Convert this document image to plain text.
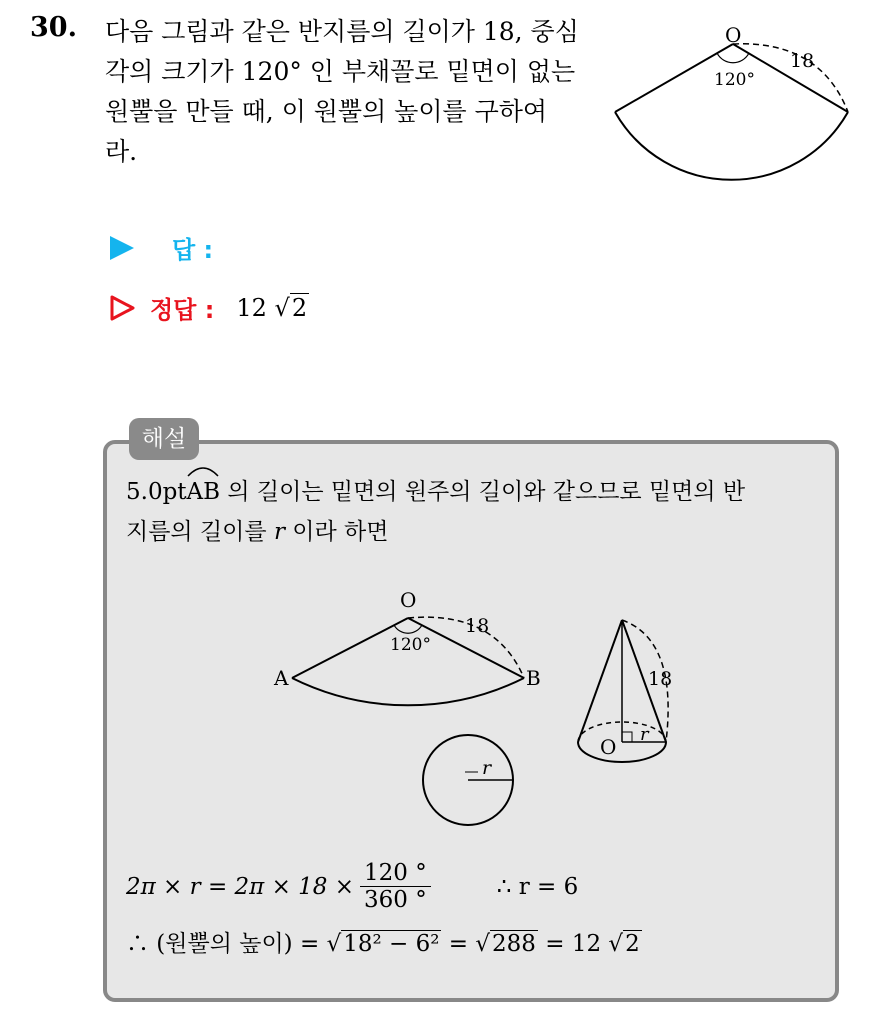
30. 다음 그림과 같은 반지름의 길이가 18, 중심
각의 크기가 120° 인 부채꼴로 밑면이 없는
원뿔을 만들 때, 이 원뿔의 높이를 구하여
라.
O
18
120°
답 :
정답 : 12 √2
해설
5.0pt
AB 의 길이는 밑면의 원주의 길이와 같으므로 밑면의 반
지름의 길이를 r 이라 하면
O
18
120°
A	B
r
18
O
r
$2\pi \times r = 2\pi \times 18 \times \frac{120 ^\circ}{360 ^\circ}$	∴ r = 6
∴ (원뿔의 높이) = √18² − 6² = √288 = 12 √2
